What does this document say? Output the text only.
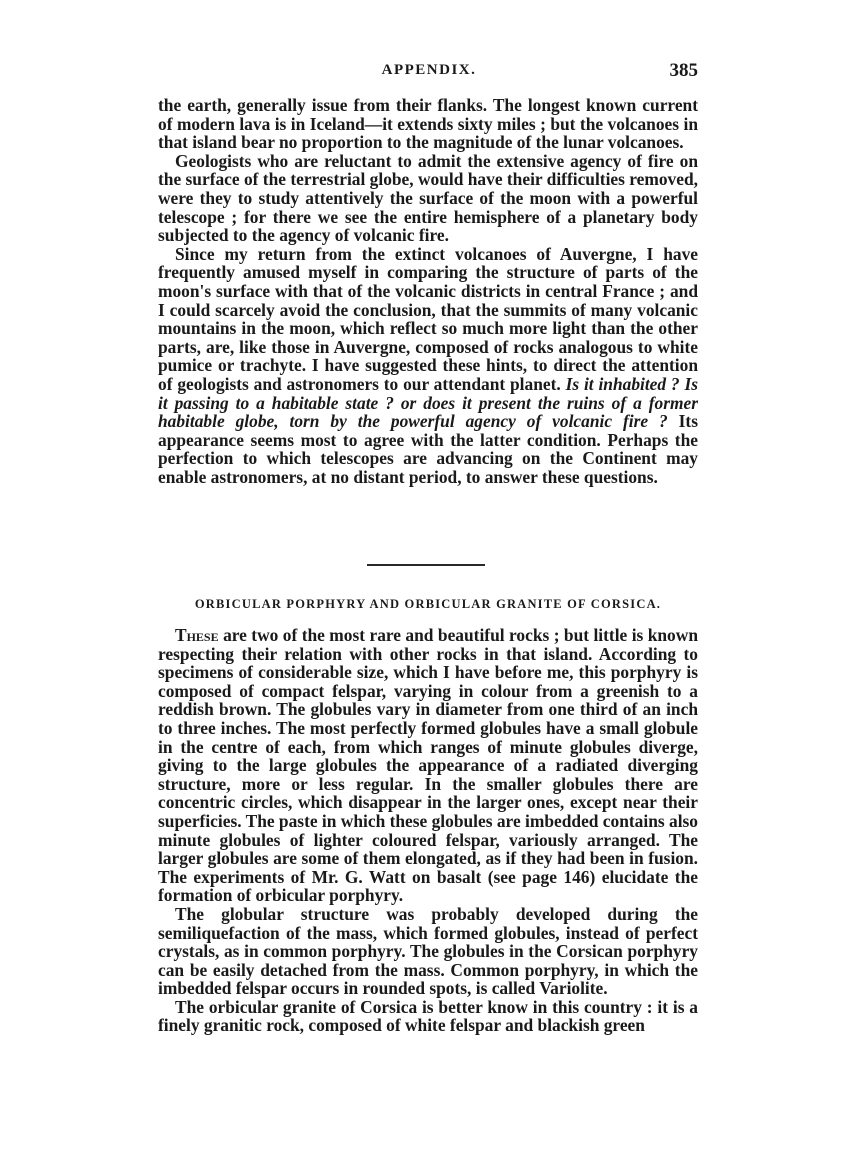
APPENDIX.	385

the earth, generally issue from their flanks. The longest known current of modern lava is in Iceland—it extends sixty miles ; but the volcanoes in that island bear no proportion to the magnitude of the lunar volcanoes.

Geologists who are reluctant to admit the extensive agency of fire on the surface of the terrestrial globe, would have their difficulties removed, were they to study attentively the surface of the moon with a powerful telescope ; for there we see the entire hemisphere of a planetary body subjected to the agency of volcanic fire.

Since my return from the extinct volcanoes of Auvergne, I have frequently amused myself in comparing the structure of parts of the moon's surface with that of the volcanic districts in central France ; and I could scarcely avoid the conclusion, that the summits of many volcanic mountains in the moon, which reflect so much more light than the other parts, are, like those in Auvergne, composed of rocks analogous to white pumice or trachyte. I have suggested these hints, to direct the attention of geologists and astronomers to our attendant planet. Is it inhabited ? Is it passing to a habitable state ? or does it present the ruins of a former habitable globe, torn by the powerful agency of volcanic fire ? Its appearance seems most to agree with the latter condition. Perhaps the perfection to which telescopes are advancing on the Continent may enable astronomers, at no distant period, to answer these questions.

ORBICULAR PORPHYRY AND ORBICULAR GRANITE OF CORSICA.

These are two of the most rare and beautiful rocks ; but little is known respecting their relation with other rocks in that island. According to specimens of considerable size, which I have before me, this porphyry is composed of compact felspar, varying in colour from a greenish to a reddish brown. The globules vary in diameter from one third of an inch to three inches. The most perfectly formed globules have a small globule in the centre of each, from which ranges of minute globules diverge, giving to the large globules the appearance of a radiated diverging structure, more or less regular. In the smaller globules there are concentric circles, which disappear in the larger ones, except near their superficies. The paste in which these globules are imbedded contains also minute globules of lighter coloured felspar, variously arranged. The larger globules are some of them elongated, as if they had been in fusion. The experiments of Mr. G. Watt on basalt (see page 146) elucidate the formation of orbicular porphyry.

The globular structure was probably developed during the semiliquefaction of the mass, which formed globules, instead of perfect crystals, as in common porphyry. The globules in the Corsican porphyry can be easily detached from the mass. Common porphyry, in which the imbedded felspar occurs in rounded spots, is called Variolite.

The orbicular granite of Corsica is better know in this country : it is a finely granitic rock, composed of white felspar and blackish green
